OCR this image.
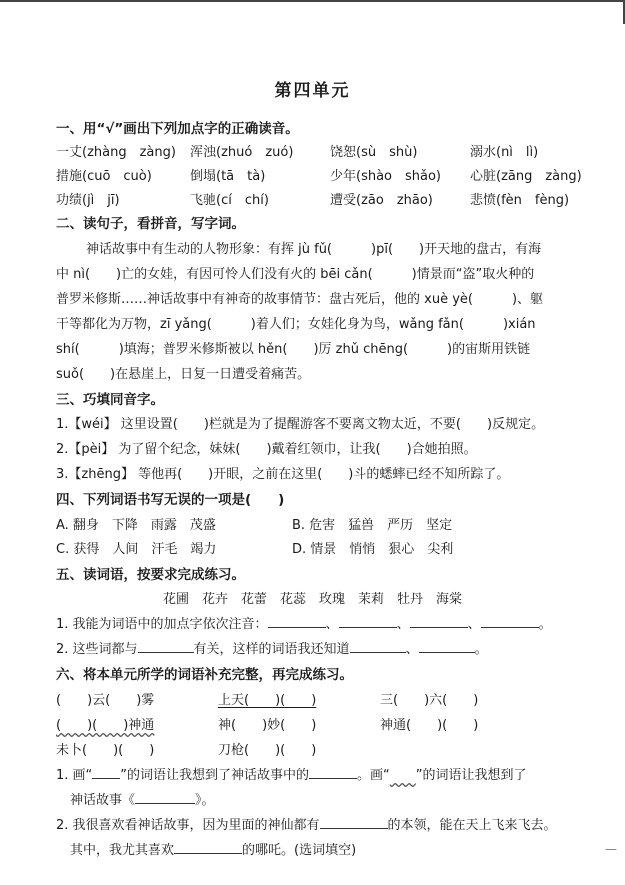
第四单元
一、用“√”画出下列加点字的正确读音。
一丈(zhàng　zàng) 浑浊(zhuó　zuó)	饶恕(sù　shù)	溺水(nì　lì)
措施(cuō　cuò)	倒塌(tā　tà)	少年(shào　shǎo) 心脏(zāng　zàng)
功绩(jì　jī)	飞驰(cí　chí)	遭受(zāo　zhāo)	悲愤(fèn　fèng)
二、读句子，看拼音，写字词。
神话故事中有生动的人物形象：有挥 jù fǔ(　　　)pī(　　)开天地的盘古，有海
中 nì(　　)亡的女娃，有因可怜人们没有火的 bēi cǎn(　　　)情景而“盗”取火种的
普罗米修斯……神话故事中有神奇的故事情节：盘古死后，他的 xuè yè(　　　)、躯
干等都化为万物，zī yǎng(　　　)着人们；女娃化身为鸟，wǎng fǎn(　　　)xián
shí(　　　)填海；普罗米修斯被以 hěn(　　)厉 zhǔ chēng(　　　)的宙斯用铁链
suǒ(　　)在悬崖上，日复一日遭受着痛苦。
三、巧填同音字。
1.【wéi】 这里设置(　　)栏就是为了提醒游客不要离文物太近，不要(　　)反规定。
2.【pèi】 为了留个纪念，妹妹(　　)戴着红领巾，让我(　　)合她拍照。
3.【zhēng】 等他再(　　)开眼，之前在这里(　　)斗的蟋蟀已经不知所踪了。
四、下列词语书写无误的一项是(　　)
A. 翻身　下降　雨露　茂盛	B. 危害　猛兽　严历　坚定
C. 获得　人间　汗毛　竭力	D. 情景　悄悄　狠心　尖利
五、读词语，按要求完成练习。
花圃　花卉　花蕾　花蕊　玫瑰　茉莉　牡丹　海棠
1. 我能为词语中的加点字依次注音：	、	、	、	。
2. 这些词都与	有关，这样的词语我还知道	、	。
六、将本单元所学的词语补充完整，再完成练习。
(　　)云(　　)雾	上天(　　)(　　)	三(　　)六(　　)
(　　)(　　)神通	神(　　)妙(　　)	神通(　　)(　　)
未卜(　　)(　　)	刀枪(　　)(　　)
1. 画“ ”的词语让我想到了神话故事中的	。画“　　 ”的词语让我想到了
神话故事《	》。
2. 我很喜欢看神话故事，因为里面的神仙都有	的本领，能在天上飞来飞去。
其中，我尤其喜欢	的哪吒。(选词填空)	—
